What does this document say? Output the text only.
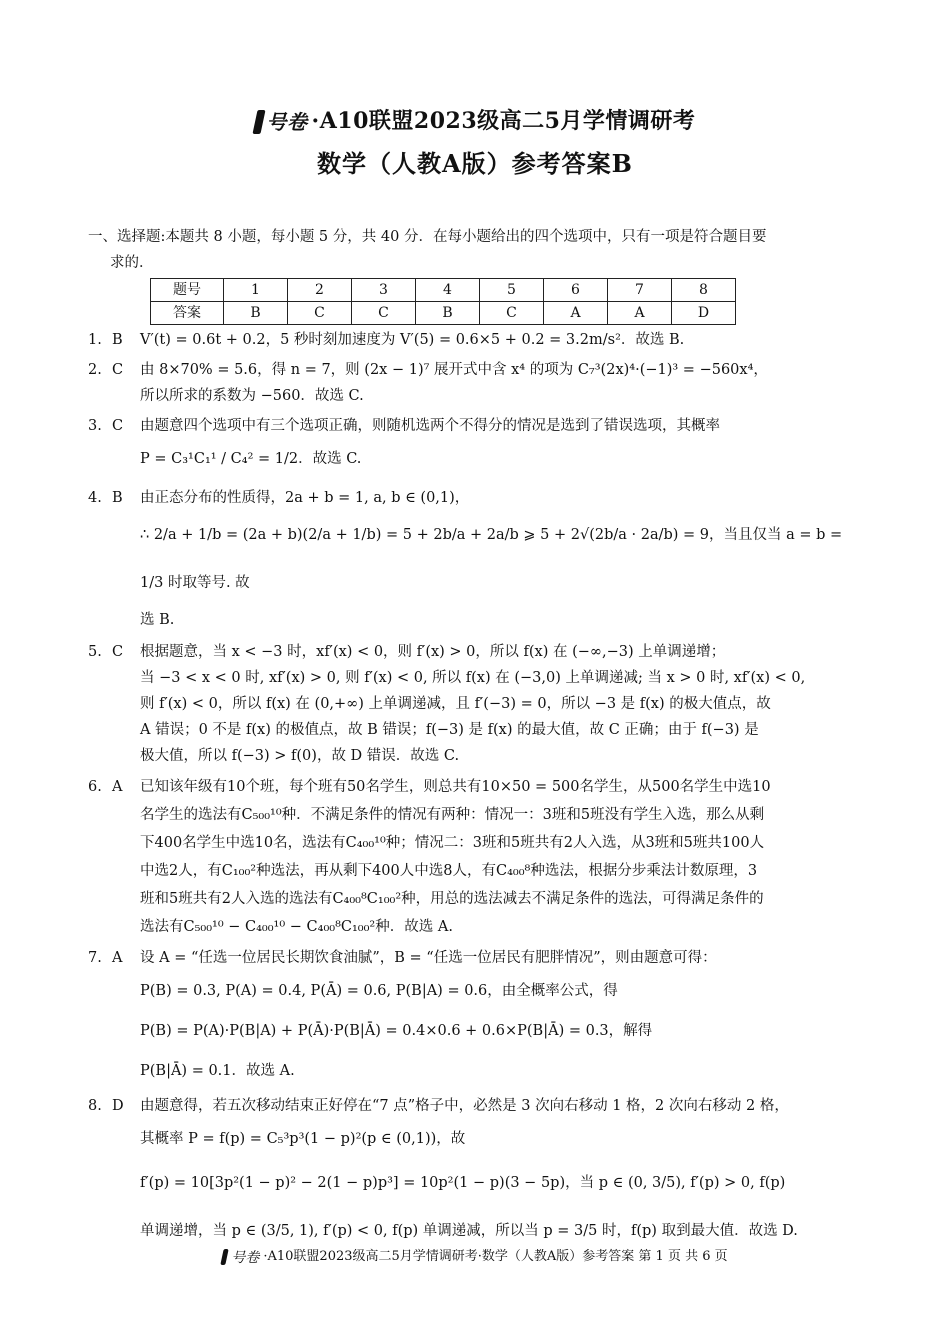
号卷 ·A10联盟2023级高二5月学情调研考
数学（人教A版）参考答案B
一、选择题:本题共 8 小题，每小题 5 分，共 40 分．在每小题给出的四个选项中，只有一项是符合题目要
求的．
题号	1	2	3	4	5	6	7	8
答案	B	C	C	B	C	A	A	D
1. B	V′(t) = 0.6t + 0.2，5 秒时刻加速度为 V′(5) = 0.6×5 + 0.2 = 3.2m/s²．故选 B.

2. C	由 8×70% = 5.6，得 n = 7，则 (2x − 1)⁷ 展开式中含 x⁴ 的项为 C₇³(2x)⁴·(−1)³ = −560x⁴，

所以所求的系数为 −560．故选 C.

3. C	由题意四个选项中有三个选项正确，则随机选两个不得分的情况是选到了错误选项，其概率

P = C₃¹C₁¹ / C₄² = 1/2．故选 C.

4. B	由正态分布的性质得，2a + b = 1, a, b ∈ (0,1)，

∴ 2/a + 1/b = (2a + b)(2/a + 1/b) = 5 + 2b/a + 2a/b ⩾ 5 + 2√(2b/a · 2a/b) = 9，当且仅当 a = b = 1/3 时取等号. 故

选 B.

5. C	根据题意，当 x < −3 时，xf′(x) < 0，则 f′(x) > 0，所以 f(x) 在 (−∞,−3) 上单调递增；

当 −3 < x < 0 时, xf′(x) > 0, 则 f′(x) < 0, 所以 f(x) 在 (−3,0) 上单调递减; 当 x > 0 时, xf′(x) < 0,

则 f′(x) < 0，所以 f(x) 在 (0,+∞) 上单调递减，且 f′(−3) = 0，所以 −3 是 f(x) 的极大值点，故

A 错误；0 不是 f(x) 的极值点，故 B 错误；f(−3) 是 f(x) 的最大值，故 C 正确；由于 f(−3) 是

极大值，所以 f(−3) > f(0)，故 D 错误．故选 C.

6. A	已知该年级有10个班，每个班有50名学生，则总共有10×50 = 500名学生，从500名学生中选10

名学生的选法有C₅₀₀¹⁰种．不满足条件的情况有两种：情况一：3班和5班没有学生入选，那么从剩

下400名学生中选10名，选法有C₄₀₀¹⁰种；情况二：3班和5班共有2人入选，从3班和5班共100人

中选2人，有C₁₀₀²种选法，再从剩下400人中选8人，有C₄₀₀⁸种选法，根据分步乘法计数原理，3

班和5班共有2人入选的选法有C₄₀₀⁸C₁₀₀²种，用总的选法减去不满足条件的选法，可得满足条件的

选法有C₅₀₀¹⁰ − C₄₀₀¹⁰ − C₄₀₀⁸C₁₀₀²种．故选 A.

7. A	设 A = “任选一位居民长期饮食油腻”，B = “任选一位居民有肥胖情况”，则由题意可得：

P(B) = 0.3, P(A) = 0.4, P(Ā) = 0.6, P(B|A) = 0.6，由全概率公式，得

P(B) = P(A)·P(B|A) + P(Ā)·P(B|Ā) = 0.4×0.6 + 0.6×P(B|Ā) = 0.3，解得

P(B|Ā) = 0.1．故选 A.

8. D	由题意得，若五次移动结束正好停在“7 点”格子中，必然是 3 次向右移动 1 格，2 次向右移动 2 格，

其概率 P = f(p) = C₅³p³(1 − p)²(p ∈ (0,1))，故

f′(p) = 10[3p²(1 − p)² − 2(1 − p)p³] = 10p²(1 − p)(3 − 5p)，当 p ∈ (0, 3/5), f′(p) > 0, f(p)

单调递增，当 p ∈ (3/5, 1), f′(p) < 0, f(p) 单调递减，所以当 p = 3/5 时，f(p) 取到最大值．故选 D.

号卷 ·A10联盟2023级高二5月学情调研考·数学（人教A版）参考答案 第 1 页 共 6 页
